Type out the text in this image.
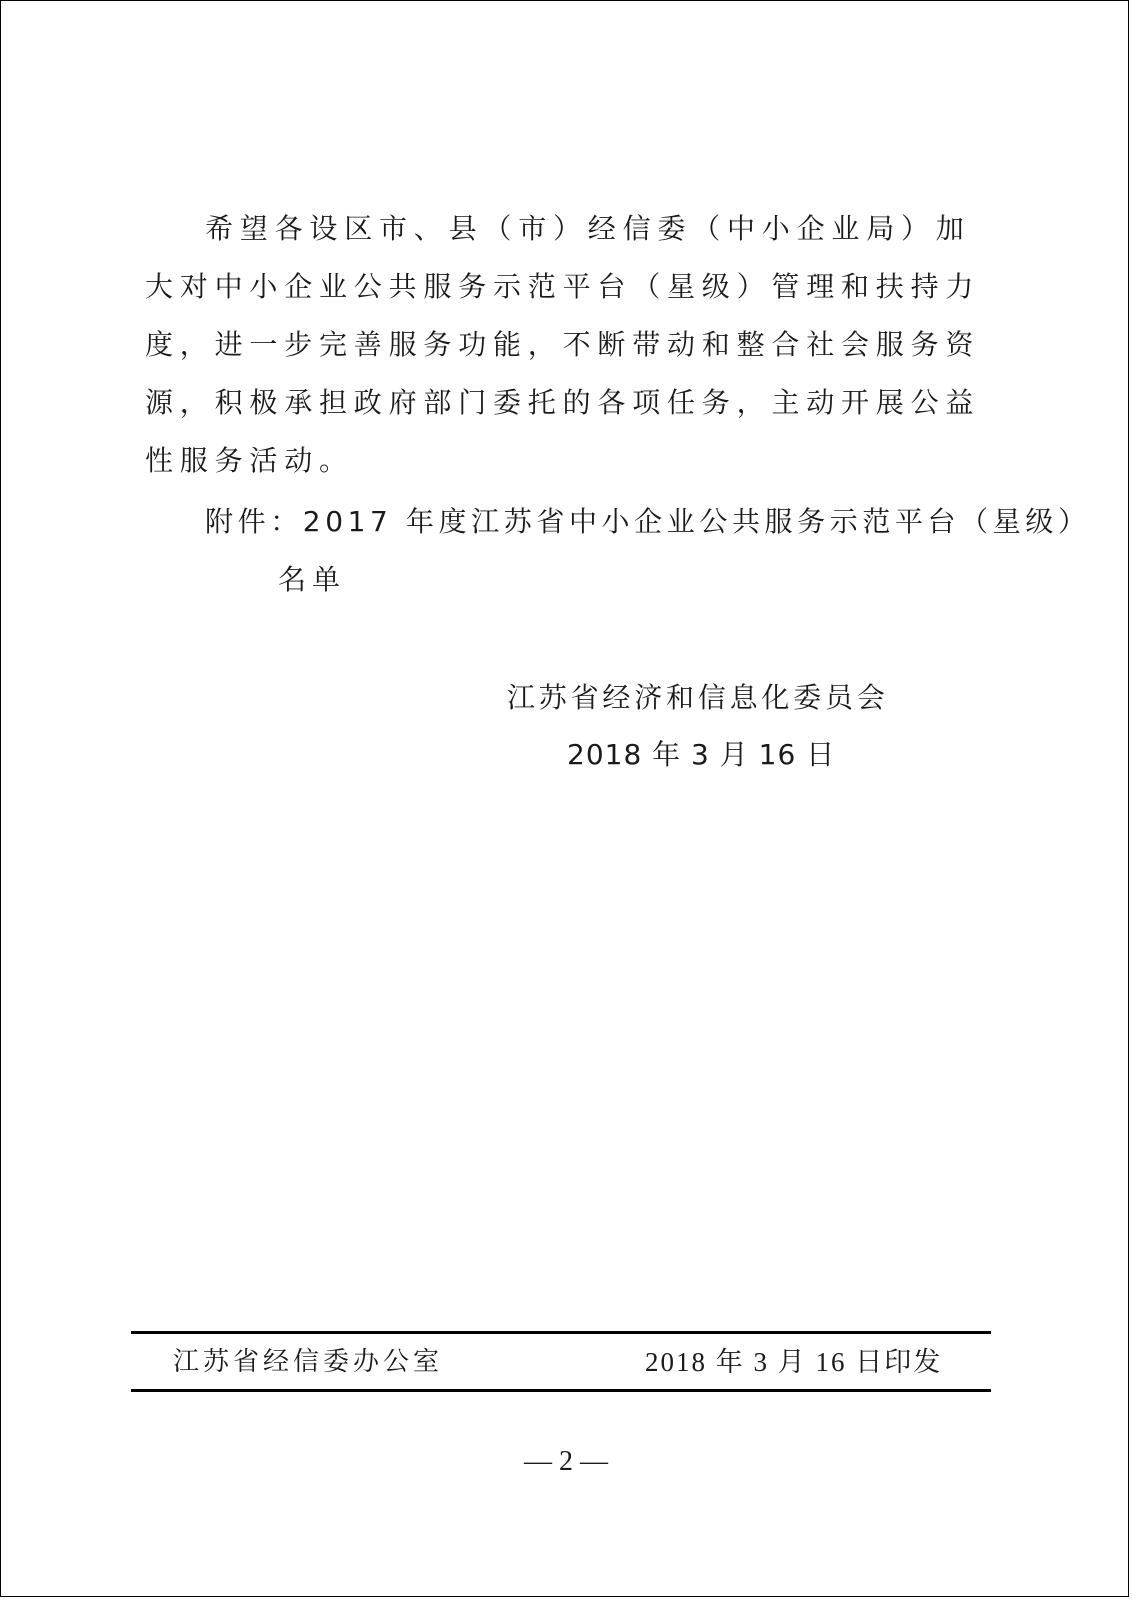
希望各设区市、县（市）经信委（中小企业局）加大对中小企业公共服务示范平台（星级）管理和扶持力度，进一步完善服务功能，不断带动和整合社会服务资源，积极承担政府部门委托的各项任务，主动开展公益性服务活动。

附件：2017 年度江苏省中小企业公共服务示范平台（星级）
名单
江苏省经济和信息化委员会
2018 年 3 月 16 日
江苏省经信委办公室	2018 年 3 月 16 日印发
— 2 —
